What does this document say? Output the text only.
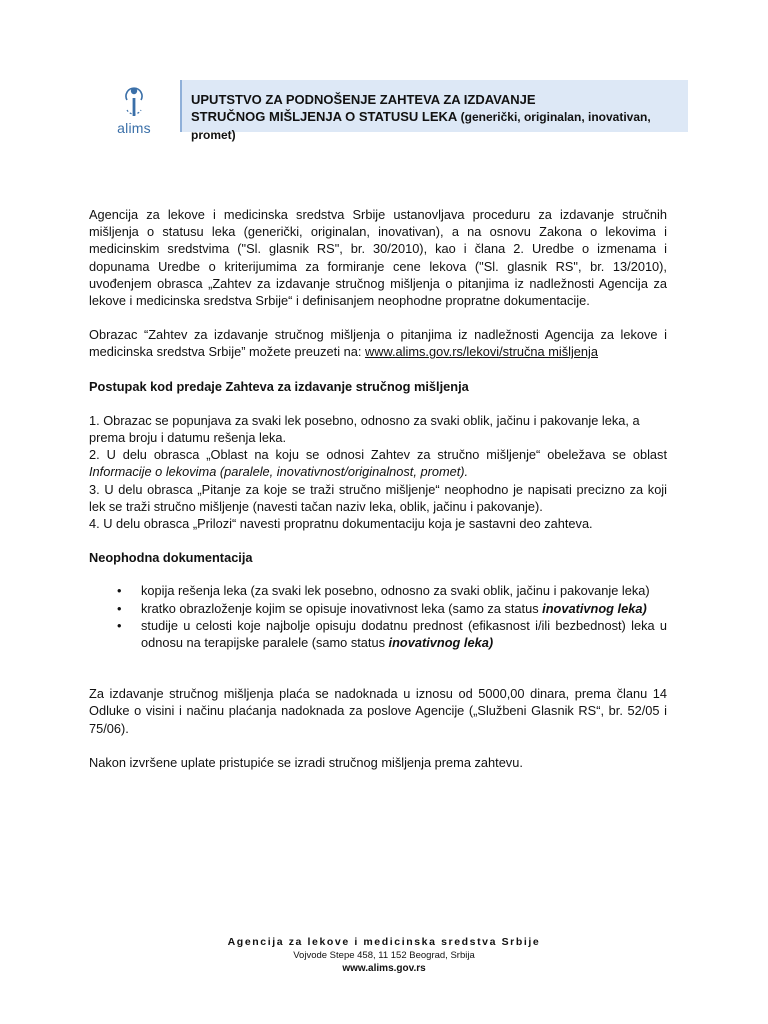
alims
UPUTSTVO ZA PODNOŠENJE ZAHTEVA ZA IZDAVANJE
STRUČNOG MIŠLJENJA O STATUSU LEKA (generički, originalan, inovativan, promet)

Agencija za lekove i medicinska sredstva Srbije ustanovljava proceduru za izdavanje stručnih mišljenja o statusu leka (generički, originalan, inovativan), a na osnovu Zakona o lekovima i medicinskim sredstvima ("Sl. glasnik RS", br. 30/2010), kao i člana 2. Uredbe o izmenama i dopunama Uredbe o kriterijumima za formiranje cene lekova ("Sl. glasnik RS", br. 13/2010), uvođenjem obrasca „Zahtev za izdavanje stručnog mišljenja o pitanjima iz nadležnosti Agencija za lekove i medicinska sredstva Srbije“ i definisanjem neophodne propratne dokumentacije.

Obrazac “Zahtev za izdavanje stručnog mišljenja o pitanjima iz nadležnosti Agencija za lekove i medicinska sredstva Srbije” možete preuzeti na: www.alims.gov.rs/lekovi/stručna mišljenja

Postupak kod predaje Zahteva za izdavanje stručnog mišljenja

1. Obrazac se popunjava za svaki lek posebno, odnosno za svaki oblik, jačinu i pakovanje leka, a prema broju i datumu rešenja leka.

2. U delu obrasca „Oblast na koju se odnosi Zahtev za stručno mišljenje“ obeležava se oblast Informacije o lekovima (paralele, inovativnost/originalnost, promet).

3. U delu obrasca „Pitanje za koje se traži stručno mišljenje“ neophodno je napisati precizno za koji lek se traži stručno mišljenje (navesti tačan naziv leka, oblik, jačinu i pakovanje).

4. U delu obrasca „Prilozi“ navesti propratnu dokumentaciju koja je sastavni deo zahteva.

Neophodna dokumentacija

• kopija rešenja leka (za svaki lek posebno, odnosno za svaki oblik, jačinu i pakovanje leka)
• kratko obrazloženje kojim se opisuje inovativnost leka (samo za status inovativnog leka)
• studije u celosti koje najbolje opisuju dodatnu prednost (efikasnost i/ili bezbednost) leka u odnosu na terapijske paralele (samo status inovativnog leka)

Za izdavanje stručnog mišljenja plaća se nadoknada u iznosu od 5000,00 dinara, prema članu 14 Odluke o visini i načinu plaćanja nadoknada za poslove Agencije („Službeni Glasnik RS“, br. 52/05 i 75/06).

Nakon izvršene uplate pristupiće se izradi stručnog mišljenja prema zahtevu.

Agencija za lekove i medicinska sredstva Srbije
Vojvode Stepe 458, 11 152 Beograd, Srbija
www.alims.gov.rs
